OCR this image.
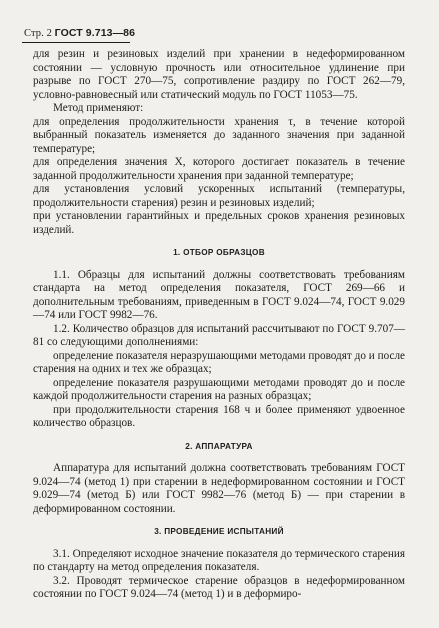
Стр. 2 ГОСТ 9.713—86

для резин и резиновых изделий при хранении в недеформированном состоянии — условную прочность или относительное удлинение при разрыве по ГОСТ 270—75, сопротивление раздиру по ГОСТ 262—79, условно-равновесный или статический модуль по ГОСТ 11053—75.

Метод применяют:

для определения продолжительности хранения τ, в течение которой выбранный показатель изменяется до заданного значения при заданной температуре;

для определения значения X, которого достигает показатель в течение заданной продолжительности хранения при заданной температуре;

для установления условий ускоренных испытаний (температуры, продолжительности старения) резин и резиновых изделий;

при установлении гарантийных и предельных сроков хранения резиновых изделий.

1. ОТБОР ОБРАЗЦОВ

1.1. Образцы для испытаний должны соответствовать требованиям стандарта на метод определения показателя, ГОСТ 269—66 и дополнительным требованиям, приведенным в ГОСТ 9.024—74, ГОСТ 9.029—74 или ГОСТ 9982—76.

1.2. Количество образцов для испытаний рассчитывают по ГОСТ 9.707—81 со следующими дополнениями:

определение показателя неразрушающими методами проводят до и после старения на одних и тех же образцах;

определение показателя разрушающими методами проводят до и после каждой продолжительности старения на разных образцах;

при продолжительности старения 168 ч и более применяют удвоенное количество образцов.

2. АППАРАТУРА

Аппаратура для испытаний должна соответствовать требованиям ГОСТ 9.024—74 (метод 1) при старении в недеформированном состоянии и ГОСТ 9.029—74 (метод Б) или ГОСТ 9982—76 (метод Б) — при старении в деформированном состоянии.

3. ПРОВЕДЕНИЕ ИСПЫТАНИЙ

3.1. Определяют исходное значение показателя до термического старения по стандарту на метод определения показателя.

3.2. Проводят термическое старение образцов в недеформированном состоянии по ГОСТ 9.024—74 (метод 1) и в деформиро-
